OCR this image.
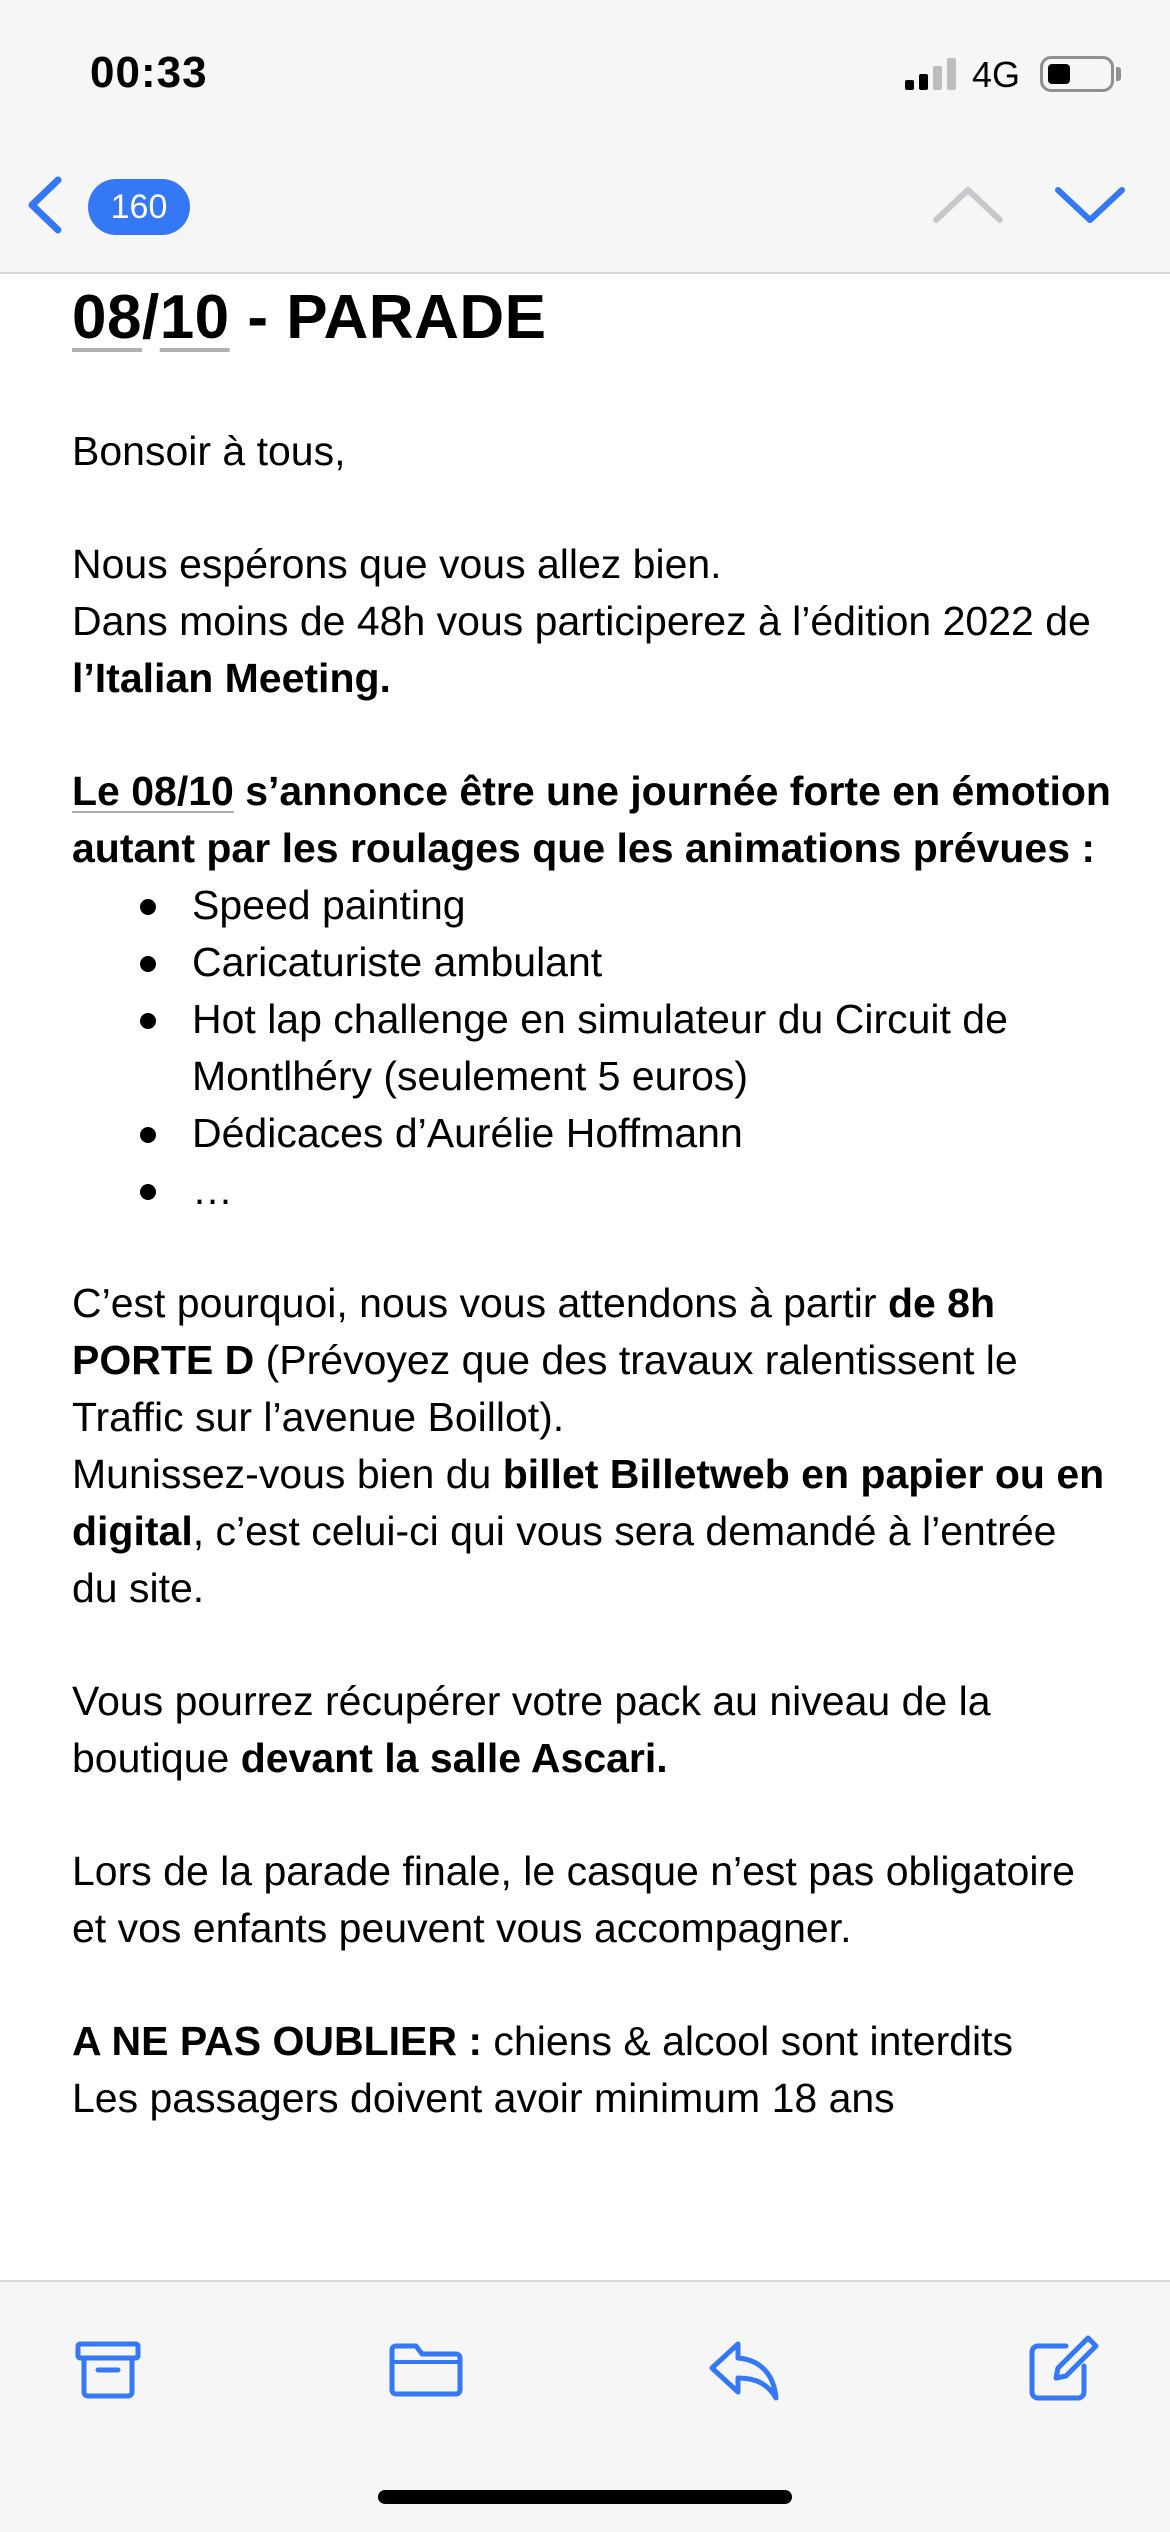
00:33	4G
160
08/10 - PARADE

Bonsoir à tous,

Nous espérons que vous allez bien.

Dans moins de 48h vous participerez à l’édition 2022 de l’Italian Meeting.

Le 08/10 s’annonce être une journée forte en émotion autant par les roulages que les animations prévues :

Speed painting
Caricaturiste ambulant
Hot lap challenge en simulateur du Circuit de Montlhéry (seulement 5 euros)
Dédicaces d’Aurélie Hoffmann
…

C’est pourquoi, nous vous attendons à partir de 8h PORTE D (Prévoyez que des travaux ralentissent le Traffic sur l’avenue Boillot).

Munissez-vous bien du billet Billetweb en papier ou en digital, c’est celui-ci qui vous sera demandé à l’entrée du site.

Vous pourrez récupérer votre pack au niveau de la boutique devant la salle Ascari.

Lors de la parade finale, le casque n’est pas obligatoire et vos enfants peuvent vous accompagner.

A NE PAS OUBLIER : chiens & alcool sont interdits

Les passagers doivent avoir minimum 18 ans
